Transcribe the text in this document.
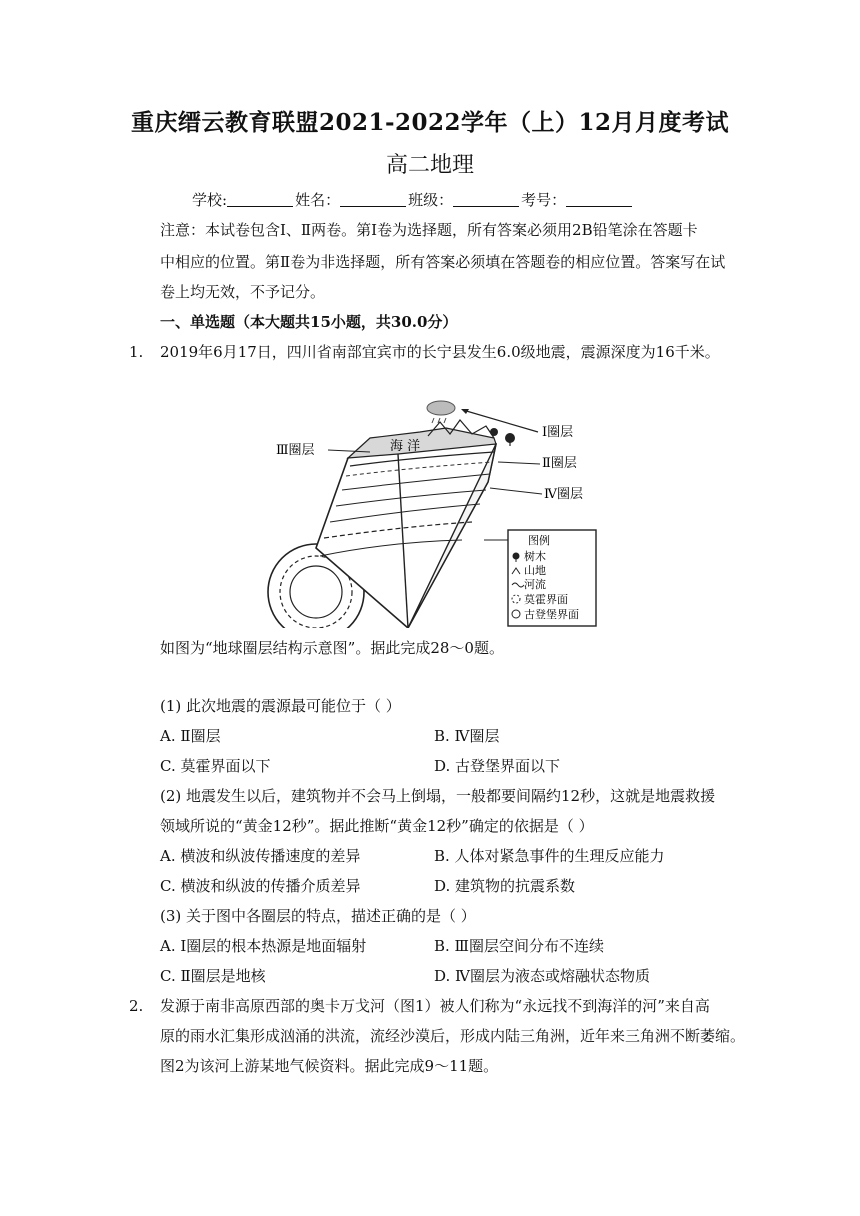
重庆缙云教育联盟2021-2022学年（上）12月月度考试
高二地理
学校:	姓名：	班级：	考号：
注意：本试卷包含Ⅰ、Ⅱ两卷。第Ⅰ卷为选择题，所有答案必须用2B铅笔涂在答题卡
中相应的位置。第Ⅱ卷为非选择题，所有答案必须填在答题卷的相应位置。答案写在试
卷上均无效，不予记分。
一、单选题（本大题共15小题，共30.0分）
1. 2019年6月17日，四川省南部宜宾市的长宁县发生6.0级地震，震源深度为16千米。
海 洋
Ⅲ圈层
Ⅰ圈层
Ⅱ圈层
Ⅳ圈层
图例
树木
山地
河流
莫霍界面
古登堡界面
如图为“地球圈层结构示意图”。据此完成28～0题。
(1) 此次地震的震源最可能位于（ ）
A. Ⅱ圈层	B. Ⅳ圈层
C. 莫霍界面以下	D. 古登堡界面以下
(2) 地震发生以后，建筑物并不会马上倒塌，一般都要间隔约12秒，这就是地震救援
领域所说的“黄金12秒”。据此推断“黄金12秒”确定的依据是（ ）
A. 横波和纵波传播速度的差异	B. 人体对紧急事件的生理反应能力
C. 横波和纵波的传播介质差异	D. 建筑物的抗震系数
(3) 关于图中各圈层的特点，描述正确的是（ ）
A. Ⅰ圈层的根本热源是地面辐射	B. Ⅲ圈层空间分布不连续
C. Ⅱ圈层是地核	D. Ⅳ圈层为液态或熔融状态物质
2. 发源于南非高原西部的奥卡万戈河（图1）被人们称为“永远找不到海洋的河”来自高
原的雨水汇集形成汹涌的洪流，流经沙漠后，形成内陆三角洲，近年来三角洲不断萎缩。
图2为该河上游某地气候资料。据此完成9～11题。
